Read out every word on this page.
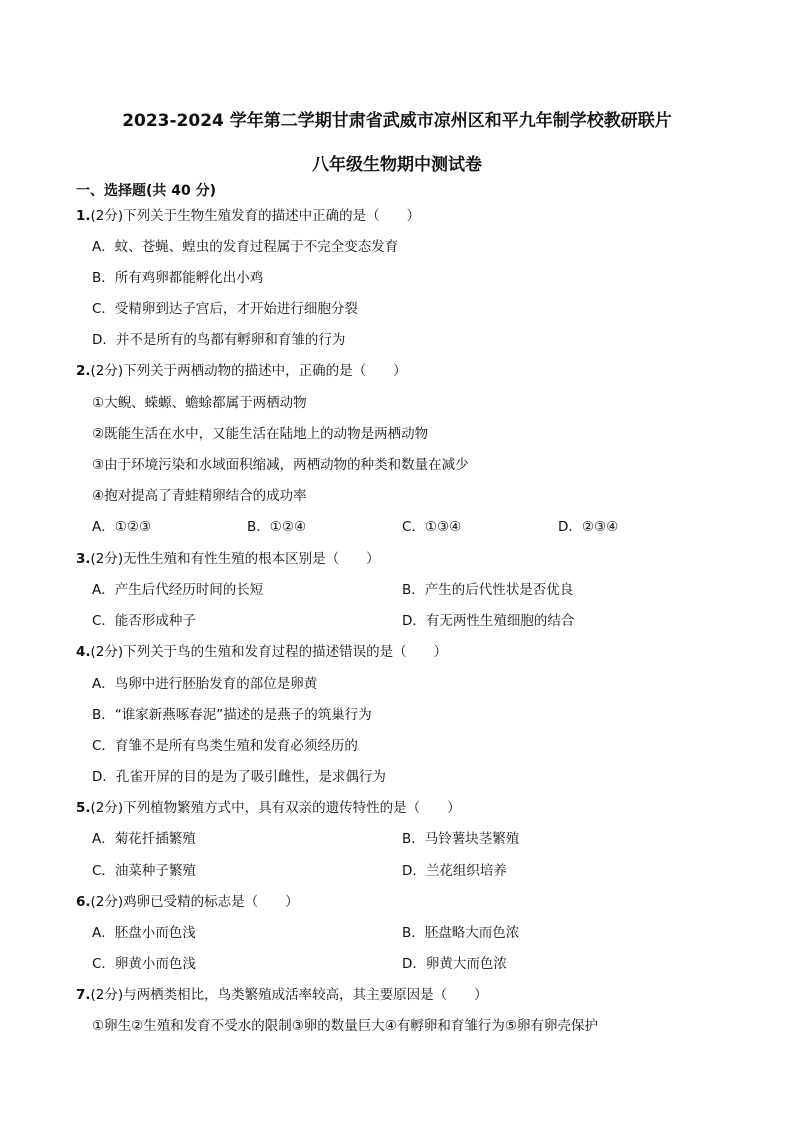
2023-2024 学年第二学期甘肃省武威市凉州区和平九年制学校教研联片
八年级生物期中测试卷
一、选择题(共 40 分)
1.(2分)下列关于生物生殖发育的描述中正确的是（　　）
A．蚊、苍蝇、蝗虫的发育过程属于不完全变态发育
B．所有鸡卵都能孵化出小鸡
C．受精卵到达子宫后，才开始进行细胞分裂
D．并不是所有的鸟都有孵卵和育雏的行为
2.(2分)下列关于两栖动物的描述中，正确的是（　　）
①大鲵、蝾螈、蟾蜍都属于两栖动物
②既能生活在水中，又能生活在陆地上的动物是两栖动物
③由于环境污染和水域面积缩减，两栖动物的种类和数量在减少
④抱对提高了青蛙精卵结合的成功率
A．①②③	B．①②④	C．①③④	D．②③④
3.(2分)无性生殖和有性生殖的根本区别是（　　）
A．产生后代经历时间的长短	B．产生的后代性状是否优良
C．能否形成种子	D．有无两性生殖细胞的结合
4.(2分)下列关于鸟的生殖和发育过程的描述错误的是（　　）
A．鸟卵中进行胚胎发育的部位是卵黄
B．“谁家新燕啄春泥”描述的是燕子的筑巢行为
C．育雏不是所有鸟类生殖和发育必须经历的
D．孔雀开屏的目的是为了吸引雌性，是求偶行为
5.(2分)下列植物繁殖方式中，具有双亲的遗传特性的是（　　）
A．菊花扦插繁殖	B．马铃薯块茎繁殖
C．油菜种子繁殖	D．兰花组织培养
6.(2分)鸡卵已受精的标志是（　　）
A．胚盘小而色浅	B．胚盘略大而色浓
C．卵黄小而色浅	D．卵黄大而色浓
7.(2分)与两栖类相比，鸟类繁殖成活率较高，其主要原因是（　　）
①卵生②生殖和发育不受水的限制③卵的数量巨大④有孵卵和育雏行为⑤卵有卵壳保护
